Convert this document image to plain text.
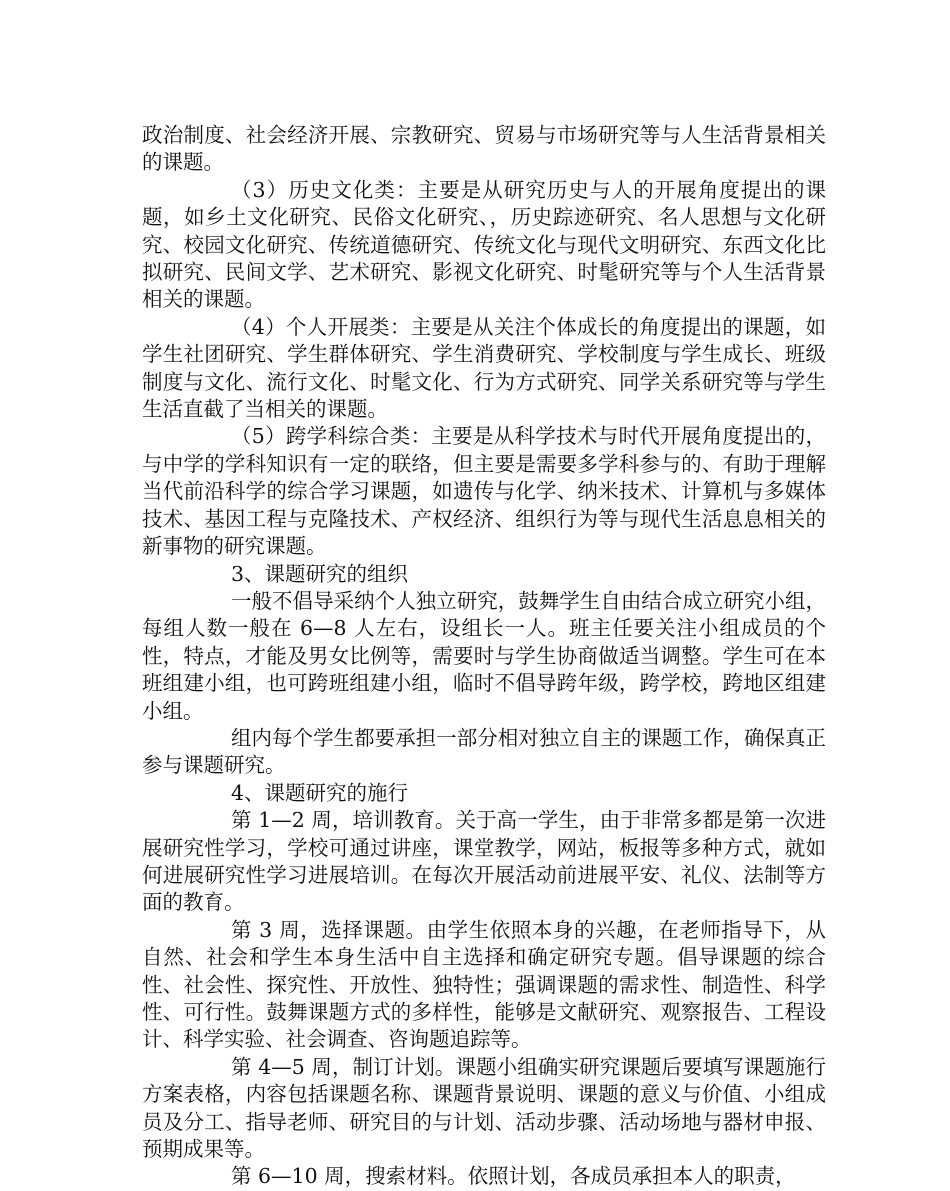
政治制度、社会经济开展、宗教研究、贸易与市场研究等与人生活背景相关的课题。

（3）历史文化类：主要是从研究历史与人的开展角度提出的课题，如乡土文化研究、民俗文化研究、，历史踪迹研究、名人思想与文化研究、校园文化研究、传统道德研究、传统文化与现代文明研究、东西文化比拟研究、民间文学、艺术研究、影视文化研究、时髦研究等与个人生活背景相关的课题。

（4）个人开展类：主要是从关注个体成长的角度提出的课题，如学生社团研究、学生群体研究、学生消费研究、学校制度与学生成长、班级制度与文化、流行文化、时髦文化、行为方式研究、同学关系研究等与学生生活直截了当相关的课题。

（5）跨学科综合类：主要是从科学技术与时代开展角度提出的，与中学的学科知识有一定的联络，但主要是需要多学科参与的、有助于理解当代前沿科学的综合学习课题，如遗传与化学、纳米技术、计算机与多媒体技术、基因工程与克隆技术、产权经济、组织行为等与现代生活息息相关的新事物的研究课题。

3、课题研究的组织

一般不倡导采纳个人独立研究，鼓舞学生自由结合成立研究小组，每组人数一般在 6—8 人左右，设组长一人。班主任要关注小组成员的个性，特点，才能及男女比例等，需要时与学生协商做适当调整。学生可在本班组建小组，也可跨班组建小组，临时不倡导跨年级，跨学校，跨地区组建小组。

组内每个学生都要承担一部分相对独立自主的课题工作，确保真正参与课题研究。

4、课题研究的施行

第 1—2 周，培训教育。关于高一学生，由于非常多都是第一次进展研究性学习，学校可通过讲座，课堂教学，网站，板报等多种方式，就如何进展研究性学习进展培训。在每次开展活动前进展平安、礼仪、法制等方面的教育。

第 3 周，选择课题。由学生依照本身的兴趣，在老师指导下，从自然、社会和学生本身生活中自主选择和确定研究专题。倡导课题的综合性、社会性、探究性、开放性、独特性；强调课题的需求性、制造性、科学性、可行性。鼓舞课题方式的多样性，能够是文献研究、观察报告、工程设计、科学实验、社会调查、咨询题追踪等。

第 4—5 周，制订计划。课题小组确实研究课题后要填写课题施行方案表格，内容包括课题名称、课题背景说明、课题的意义与价值、小组成员及分工、指导老师、研究目的与计划、活动步骤、活动场地与器材申报、预期成果等。

第 6—10 周，搜索材料。依照计划，各成员承担本人的职责，
